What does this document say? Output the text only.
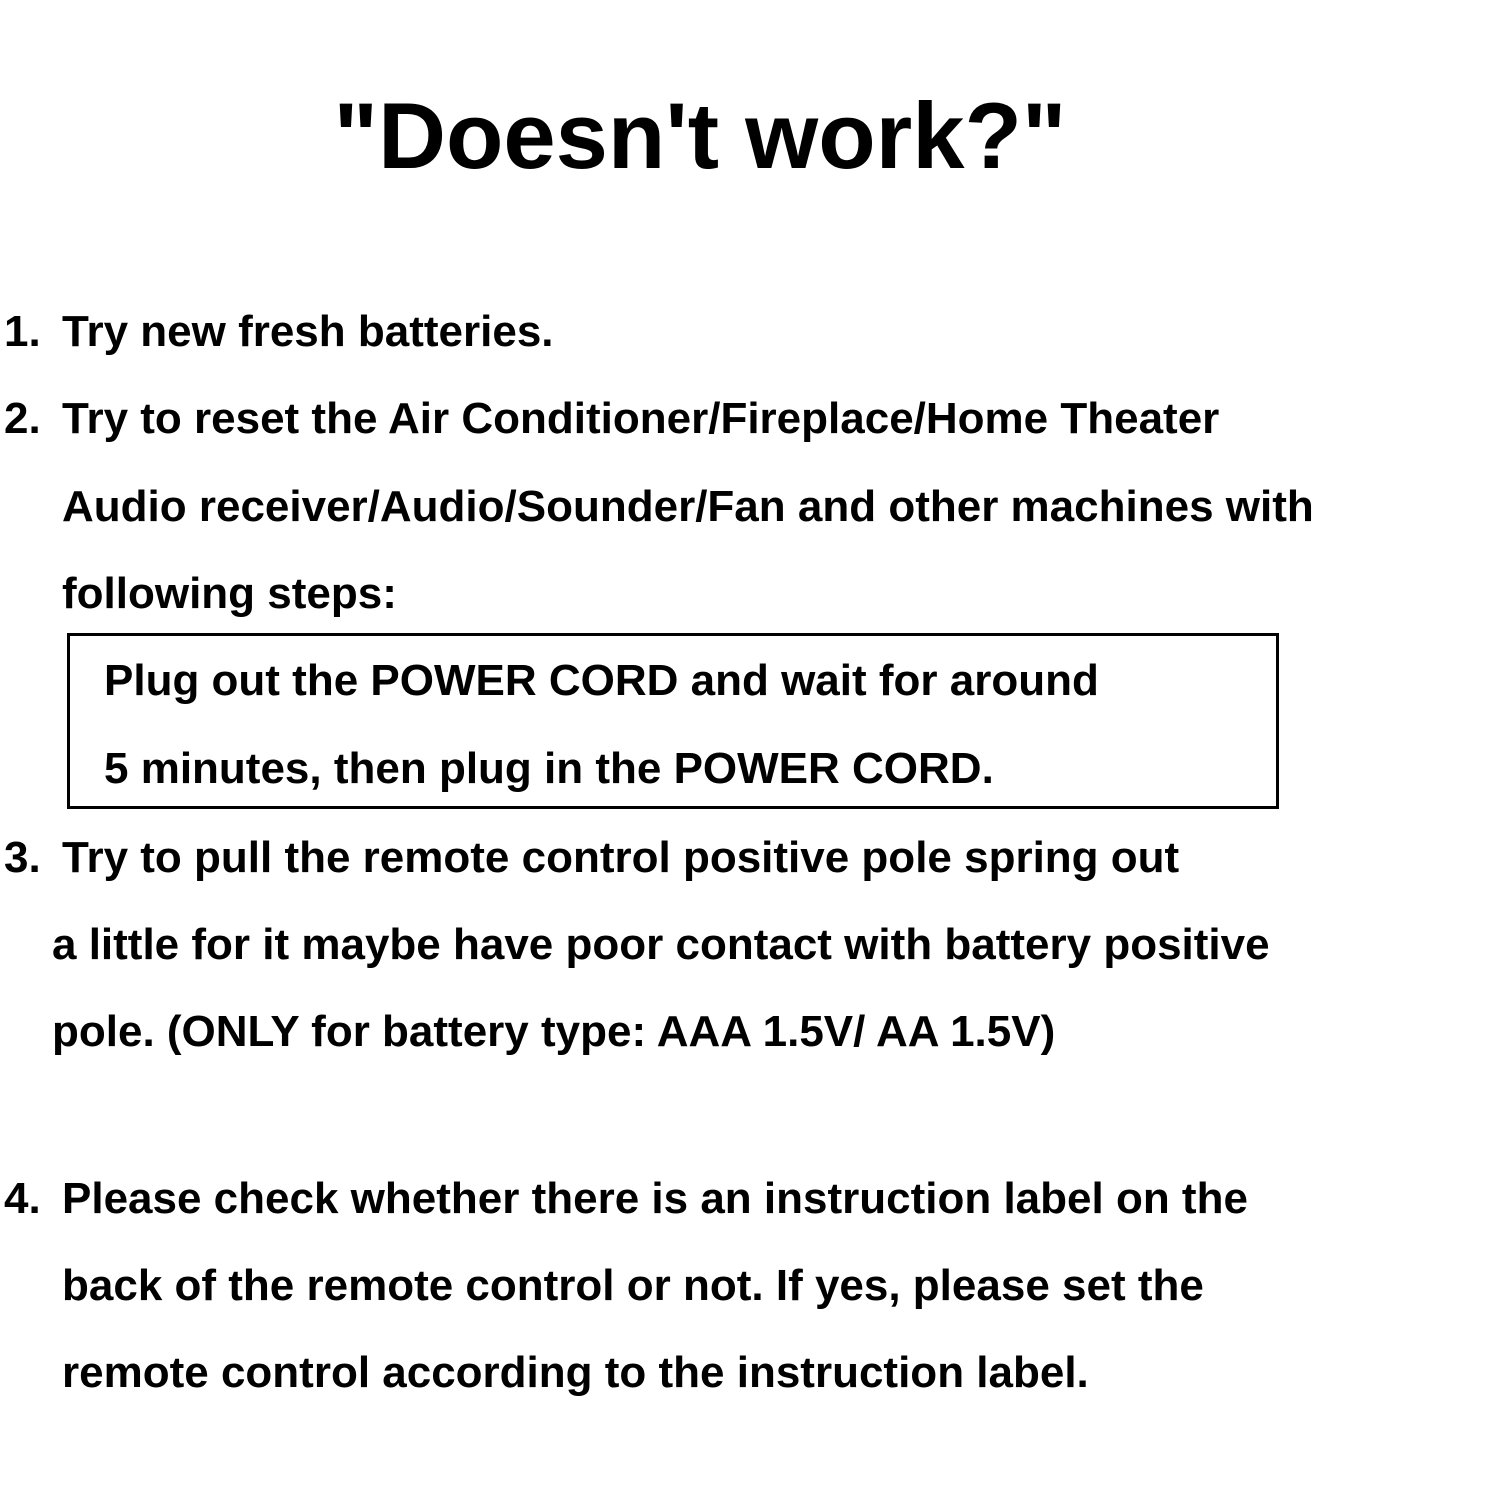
"Doesn't work?"
1. Try new fresh batteries.
2. Try to reset the Air Conditioner/Fireplace/Home Theater
Audio receiver/Audio/Sounder/Fan and other machines with
following steps:
Plug out the POWER CORD and wait for around
5 minutes, then plug in the POWER CORD.
3. Try to pull the remote control positive pole spring out
a little for it maybe have poor contact with battery positive
pole. (ONLY for battery type: AAA 1.5V/ AA 1.5V)
4. Please check whether there is an instruction label on the
back of the remote control or not. If yes, please set the
remote control according to the instruction label.
